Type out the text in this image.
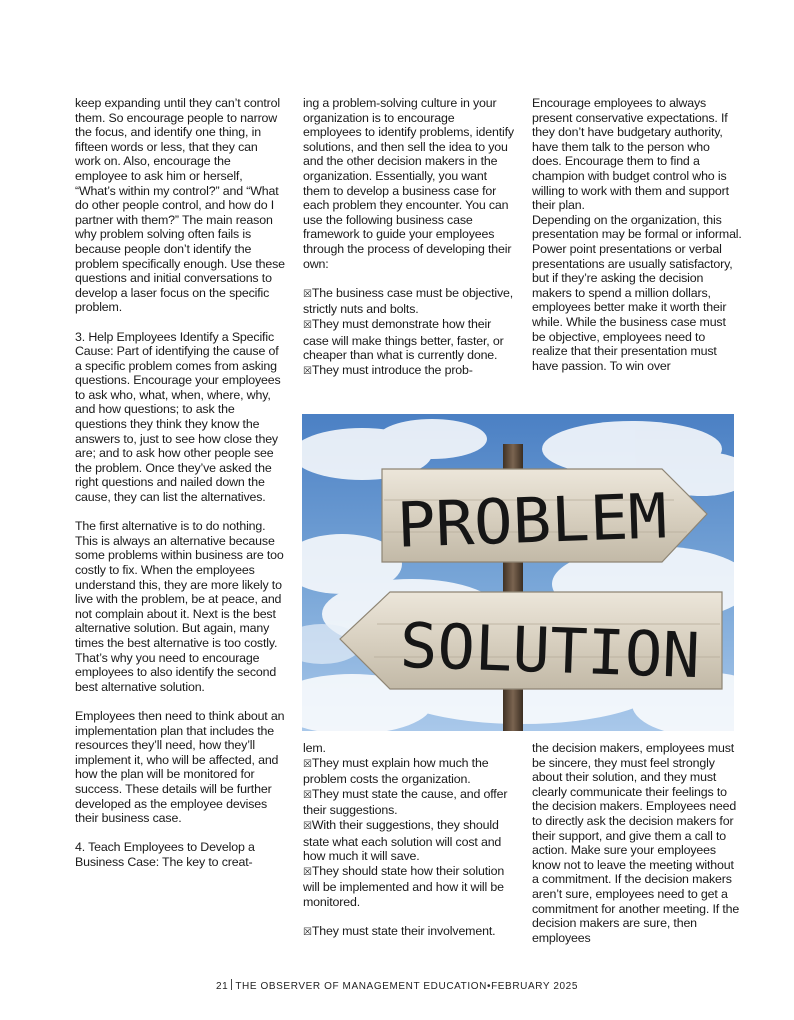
keep expanding until they can’t control them. So encourage people to narrow the focus, and identify one thing, in fifteen words or less, that they can work on. Also, encourage the employee to ask him or herself, “What’s within my control?” and “What do other people control, and how do I partner with them?” The main reason why problem solving often fails is because people don’t identify the problem specifically enough. Use these questions and initial conversations to develop a laser focus on the specific problem.

3. Help Employees Identify a Specific Cause: Part of identifying the cause of a specific problem comes from asking questions. Encourage your employees to ask who, what, when, where, why, and how questions; to ask the questions they think they know the answers to, just to see how close they are; and to ask how other people see the problem. Once they’ve asked the right questions and nailed down the cause, they can list the alternatives.

The first alternative is to do nothing. This is always an alternative because some problems within business are too costly to fix. When the employees understand this, they are more likely to live with the problem, be at peace, and not complain about it. Next is the best alternative solution. But again, many times the best alternative is too costly. That’s why you need to encourage employees to also identify the second best alternative solution.

Employees then need to think about an implementation plan that includes the resources they’ll need, how they’ll implement it, who will be affected, and how the plan will be monitored for success. These details will be further developed as the employee devises their business case.

4. Teach Employees to Develop a Business Case: The key to creat-

ing a problem-solving culture in your organization is to encourage employees to identify problems, identify solutions, and then sell the idea to you and the other decision makers in the organization. Essentially, you want them to develop a business case for each problem they encounter. You can use the following business case framework to guide your employees through the process of developing their own:

☒The business case must be objective, strictly nuts and bolts.

☒They must demonstrate how their case will make things better, faster, or cheaper than what is currently done.

☒They must introduce the prob-

Encourage employees to always present conservative expectations. If they don’t have budgetary authority, have them talk to the person who does. Encourage them to find a champion with budget control who is willing to work with them and support their plan.

Depending on the organization, this presentation may be formal or informal. Power point presentations or verbal presentations are usually satisfactory, but if they’re asking the decision makers to spend a million dollars, employees better make it worth their while. While the business case must be objective, employees need to realize that their presentation must have passion. To win over

PROBLEM
SOLUTION

lem.

☒They must explain how much the problem costs the organization.

☒They must state the cause, and offer their suggestions.

☒With their suggestions, they should state what each solution will cost and how much it will save.

☒They should state how their solution will be implemented and how it will be monitored.

☒They must state their involvement.

the decision makers, employees must be sincere, they must feel strongly about their solution, and they must clearly communicate their feelings to the decision makers. Employees need to directly ask the decision makers for their support, and give them a call to action. Make sure your employees know not to leave the meeting without a commitment. If the decision makers aren’t sure, employees need to get a commitment for another meeting. If the decision makers are sure, then employees

21 THE OBSERVER OF MANAGEMENT EDUCATION•FEBRUARY 2025
